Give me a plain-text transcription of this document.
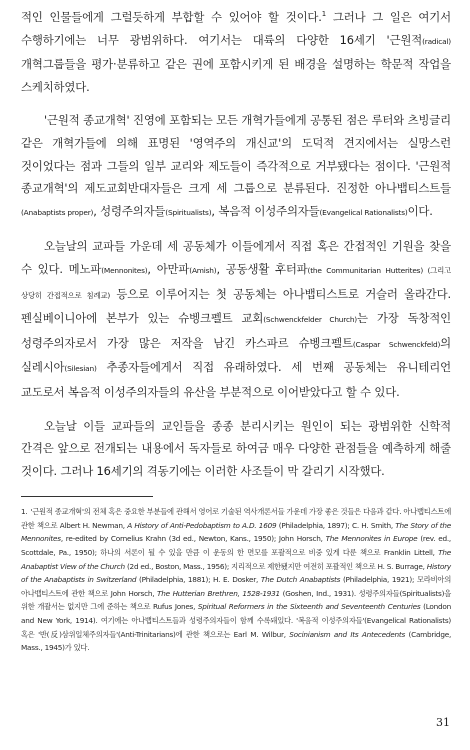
적인 인물들에게 그럴듯하게 부합할 수 있어야 할 것이다.$^1$ 그러나 그 일은 여기서 수행하기에는 너무 광범위하다. 여기서는 대륙의 다양한 16세기 '근원적(radical) 개혁그룹들을 평가·분류하고 같은 권에 포함시키게 된 배경을 설명하는 학문적 작업을 스케치하였다.

'근원적 종교개혁' 진영에 포함되는 모든 개혁가들에게 공통된 점은 루터와 츠빙글리 같은 개혁가들에 의해 표명된 '영역주의 개신교'의 도덕적 견지에서는 실망스런 것이었다는 점과 그들의 일부 교리와 제도들이 즉각적으로 거부됐다는 점이다. '근원적 종교개혁'의 제도교회반대자들은 크게 세 그룹으로 분류된다. 진정한 아나뱁티스트들(Anabaptists proper), 성령주의자들(Spiritualists), 복음적 이성주의자들(Evangelical Rationalists)이다.

오늘날의 교파들 가운데 세 공동체가 이들에게서 직접 혹은 간접적인 기원을 찾을 수 있다. 메노파(Mennonites), 아만파(Amish), 공동생활 후터파(the Communitarian Hutterites) (그리고 상당히 간접적으로 침례교) 등으로 이루어지는 첫 공동체는 아나뱁티스트로 거슬러 올라간다. 펜실베이니아에 본부가 있는 슈벵크펠트 교회(Schwenckfelder Church)는 가장 독창적인 성령주의자로서 가장 많은 저작을 남긴 카스파르 슈벵크펠트(Caspar Schwenckfeld)의 실레시아(Silesian) 추종자들에게서 직접 유래하였다. 세 번째 공동체는 유니테리언 교도로서 복음적 이성주의자들의 유산을 부분적으로 이어받았다고 할 수 있다.

오늘날 이들 교파들의 교인들을 종종 분리시키는 원인이 되는 광범위한 신학적 간격은 앞으로 전개되는 내용에서 독자들로 하여금 매우 다양한 관점들을 예측하게 해줄 것이다. 그러나 16세기의 격동기에는 이러한 사조들이 막 갈리기 시작했다.

1. '근원적 종교개혁'의 전체 혹은 중요한 부분들에 관해서 영어로 기술된 역사개론서들 가운데 가장 좋은 것들은 다음과 같다. 아나뱁티스트에 관한 책으로 Albert H. Newman, A History of Anti-Pedobaptism to A.D. 1609 (Philadelphia, 1897); C. H. Smith, The Story of the Mennonites, re-edited by Cornelius Krahn (3d ed., Newton, Kans., 1950); John Horsch, The Mennonites in Europe (rev. ed., Scottdale, Pa., 1950); 하나의 서론이 될 수 있을 만큼 이 운동의 한 면모를 포괄적으로 비중 있게 다룬 책으로 Franklin Littell, The Anabaptist View of the Church (2d ed., Boston, Mass., 1956); 지리적으로 제한됐지만 여전히 포괄적인 책으로 H. S. Burrage, History of the Anabaptists in Switzerland (Philadelphia, 1881); H. E. Dosker, The Dutch Anabaptists (Philadelphia, 1921); 모라비아의 아나뱁티스트에 관한 책으로 John Horsch, The Hutterian Brethren, 1528-1931 (Goshen, Ind., 1931). 성령주의자들(Spiritualists)을 위한 개괄서는 없지만 그에 준하는 책으로 Rufus Jones, Spiritual Reformers in the Sixteenth and Seventeenth Centuries (London and New York, 1914). 여기에는 아나뱁티스트들과 성령주의자들이 함께 수록돼있다. '복음적 이성주의자들'(Evangelical Rationalists) 혹은 '반(反)삼위일체주의자들'(Anti-Trinitarians)에 관한 책으로는 Earl M. Wilbur, Socinianism and Its Antecedents (Cambridge, Mass., 1945)가 있다.

31
